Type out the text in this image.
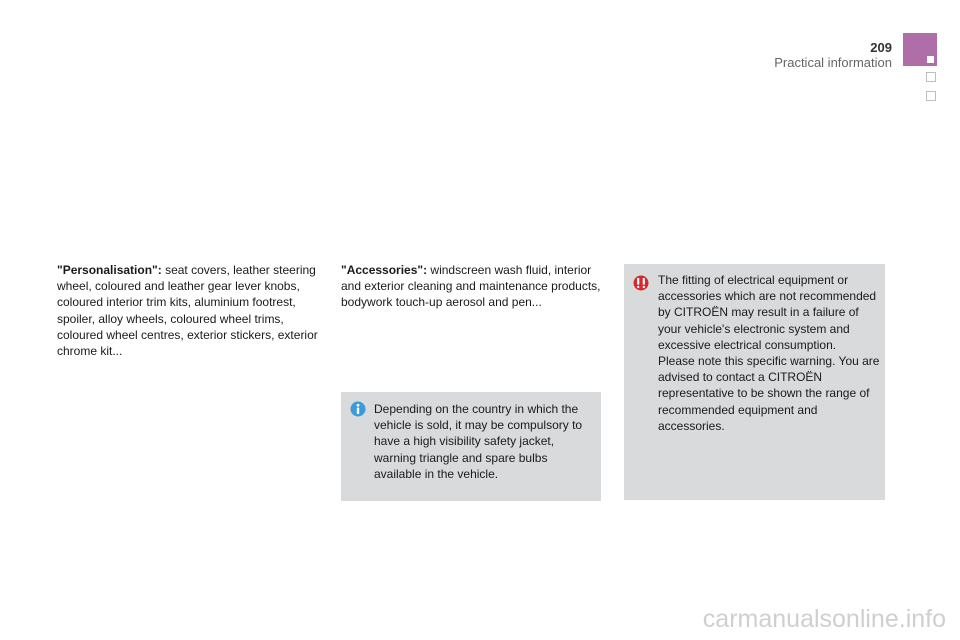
209
Practical information
"Personalisation": seat covers, leather steering wheel, coloured and leather gear lever knobs, coloured interior trim kits, aluminium footrest, spoiler, alloy wheels, coloured wheel trims, coloured wheel centres, exterior stickers, exterior chrome kit...
"Accessories": windscreen wash fluid, interior and exterior cleaning and maintenance products, bodywork touch-up aerosol and pen...

Depending on the country in which the vehicle is sold, it may be compulsory to have a high visibility safety jacket, warning triangle and spare bulbs available in the vehicle.

The fitting of electrical equipment or accessories which are not recommended by CITROËN may result in a failure of your vehicle's electronic system and excessive electrical consumption.

Please note this specific warning. You are advised to contact a CITROËN representative to be shown the range of recommended equipment and accessories.

carmanualsonline.info
